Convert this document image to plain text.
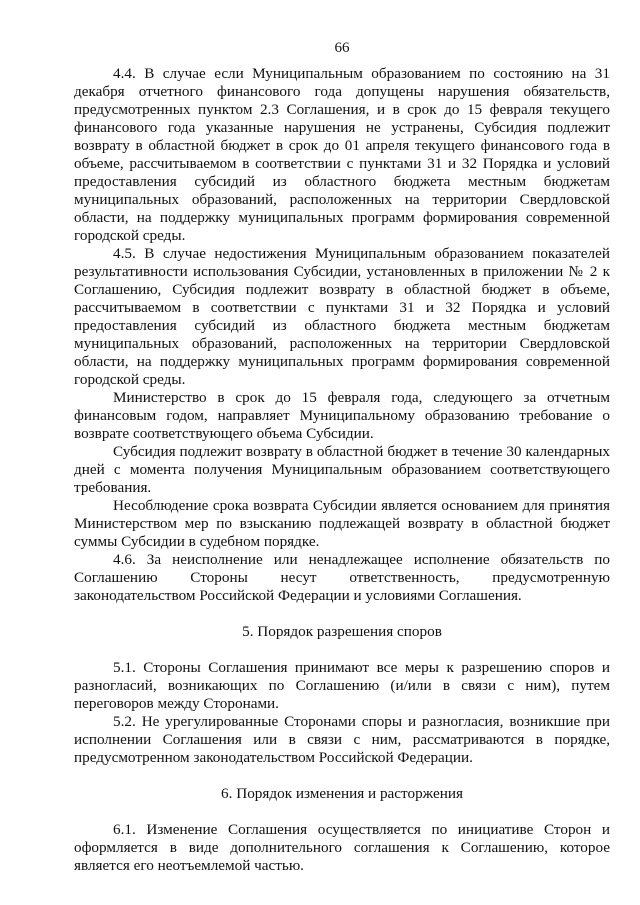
66

4.4. В случае если Муниципальным образованием по состоянию на 31 декабря отчетного финансового года допущены нарушения обязательств, предусмотренных пунктом 2.3 Соглашения, и в срок до 15 февраля текущего финансового года указанные нарушения не устранены, Субсидия подлежит возврату в областной бюджет в срок до 01 апреля текущего финансового года в объеме, рассчитываемом в соответствии с пунктами 31 и 32 Порядка и условий предоставления субсидий из областного бюджета местным бюджетам муниципальных образований, расположенных на территории Свердловской области, на поддержку муниципальных программ формирования современной городской среды.

4.5. В случае недостижения Муниципальным образованием показателей результативности использования Субсидии, установленных в приложении № 2 к Соглашению, Субсидия подлежит возврату в областной бюджет в объеме, рассчитываемом в соответствии с пунктами 31 и 32 Порядка и условий предоставления субсидий из областного бюджета местным бюджетам муниципальных образований, расположенных на территории Свердловской области, на поддержку муниципальных программ формирования современной городской среды.

Министерство в срок до 15 февраля года, следующего за отчетным финансовым годом, направляет Муниципальному образованию требование о возврате соответствующего объема Субсидии.

Субсидия подлежит возврату в областной бюджет в течение 30 календарных дней с момента получения Муниципальным образованием соответствующего требования.

Несоблюдение срока возврата Субсидии является основанием для принятия Министерством мер по взысканию подлежащей возврату в областной бюджет суммы Субсидии в судебном порядке.

4.6. За неисполнение или ненадлежащее исполнение обязательств по Соглашению Стороны несут ответственность, предусмотренную законодательством Российской Федерации и условиями Соглашения.

5. Порядок разрешения споров

5.1. Стороны Соглашения принимают все меры к разрешению споров и разногласий, возникающих по Соглашению (и/или в связи с ним), путем переговоров между Сторонами.

5.2. Не урегулированные Сторонами споры и разногласия, возникшие при исполнении Соглашения или в связи с ним, рассматриваются в порядке, предусмотренном законодательством Российской Федерации.

6. Порядок изменения и расторжения

6.1. Изменение Соглашения осуществляется по инициативе Сторон и оформляется в виде дополнительного соглашения к Соглашению, которое является его неотъемлемой частью.
